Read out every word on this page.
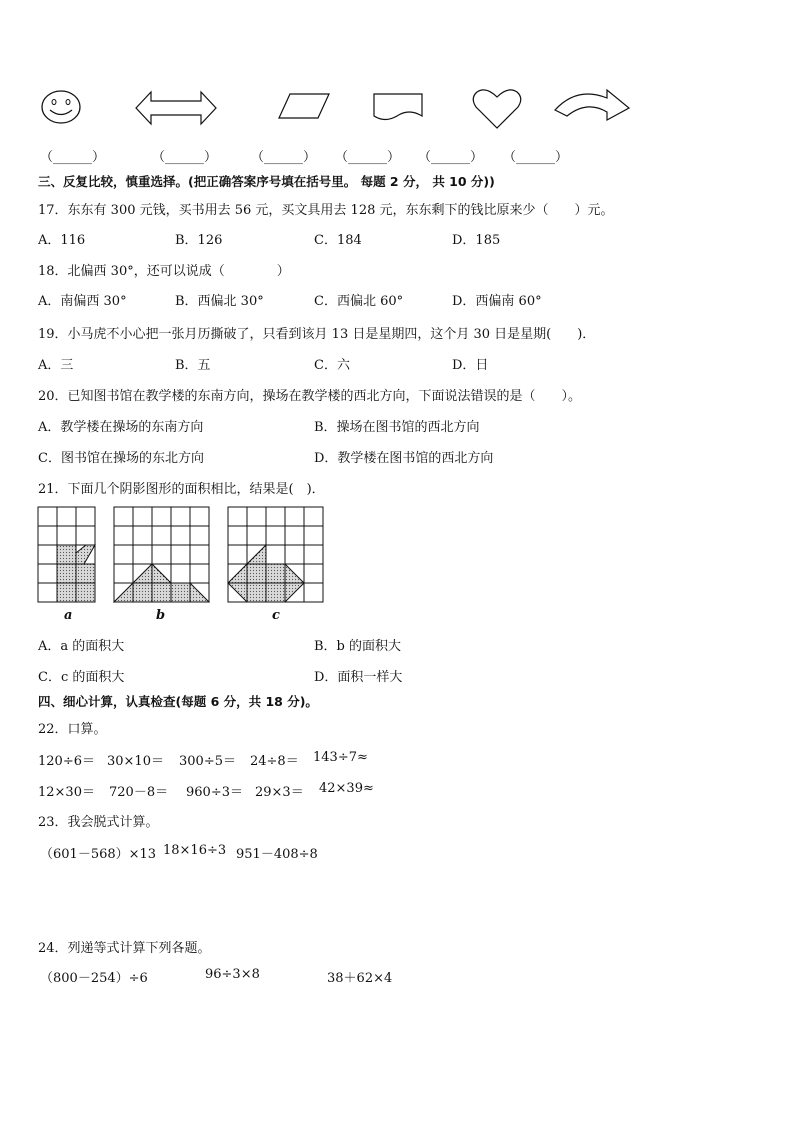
（______）	（______）	（______） （______） （______） （______）
三、反复比较，慎重选择。(把正确答案序号填在括号里。 每题 2 分， 共 10 分))
17．东东有 300 元钱，买书用去 56 元，买文具用去 128 元，东东剩下的钱比原来少（　　）元。
A．116	B．126	C．184	D．185
18．北偏西 30°，还可以说成（　　　　）
A．南偏西 30°	B．西偏北 30°	C．西偏北 60°	D．西偏南 60°
19．小马虎不小心把一张月历撕破了，只看到该月 13 日是星期四，这个月 30 日是星期(　　)．
A．三	B．五	C．六	D．日
20．已知图书馆在教学楼的东南方向，操场在教学楼的西北方向，下面说法错误的是（　　）。
A．教学楼在操场的东南方向	B．操场在图书馆的西北方向
C．图书馆在操场的东北方向	D．教学楼在图书馆的西北方向
21．下面几个阴影图形的面积相比，结果是(　)．
a	b	c
A．a 的面积大	B．b 的面积大
C．c 的面积大	D．面积一样大
四、细心计算，认真检查(每题 6 分，共 18 分)。
22．口算。
120÷6＝ 30×10＝ 300÷5＝ 24÷8＝ 143÷7≈
12×30＝ 720－8＝ 960÷3＝ 29×3＝ 42×39≈
23．我会脱式计算。
（601－568）×13 18×16÷3 951－408÷8
24．列递等式计算下列各题。
（800－254）÷6	96÷3×8	38＋62×4
